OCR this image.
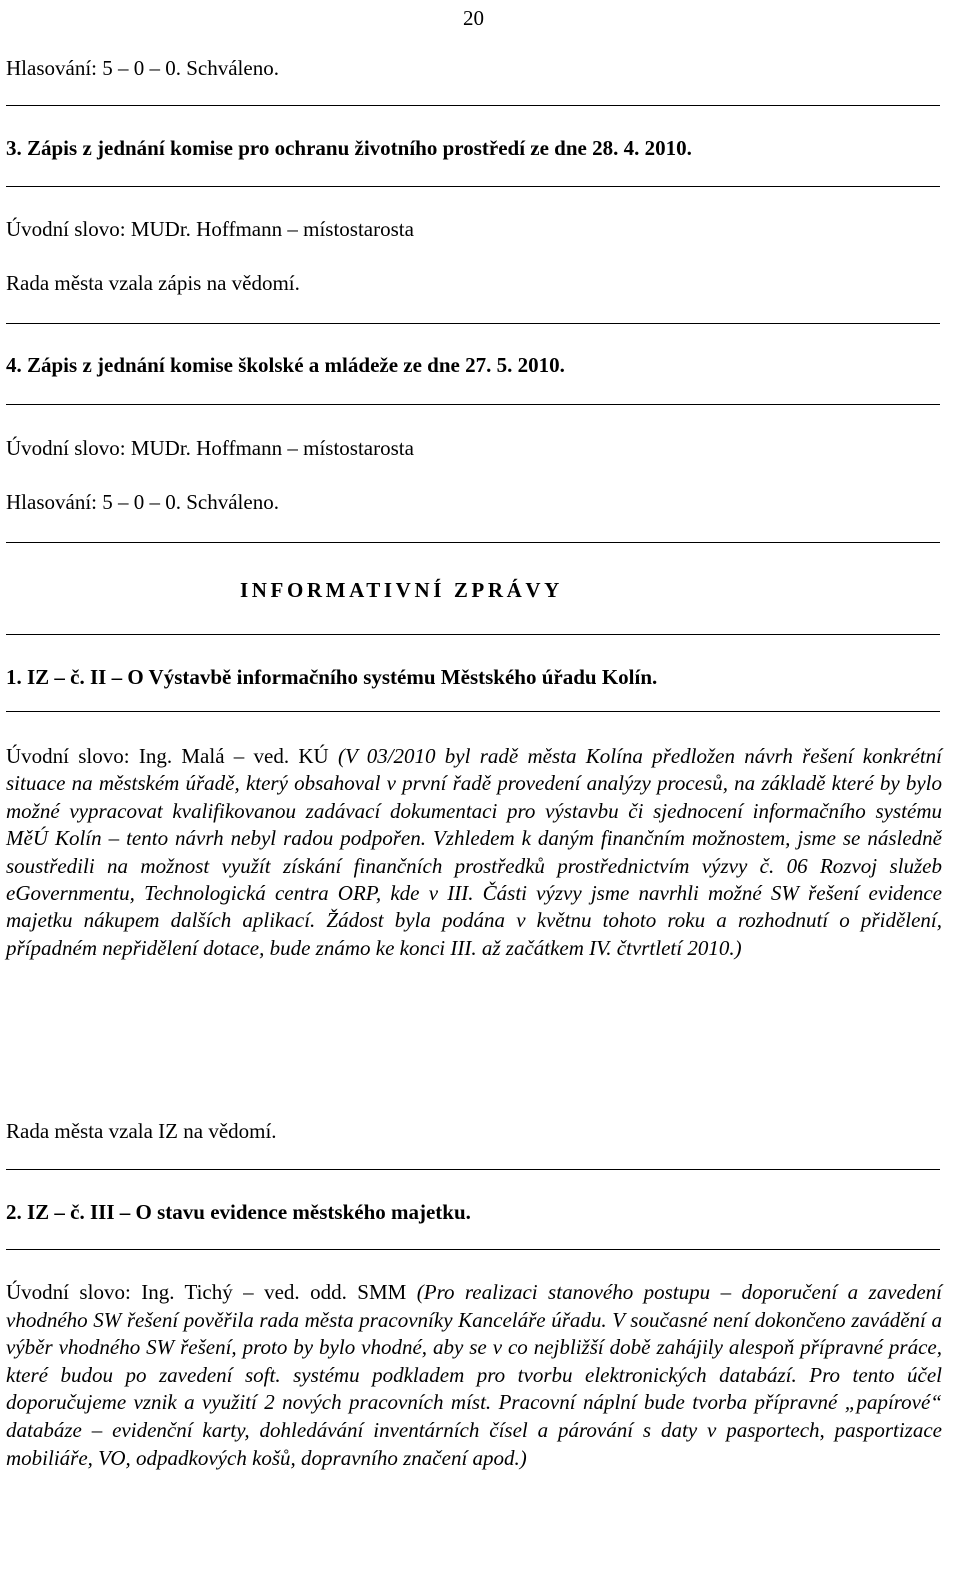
20
Hlasování: 5 – 0 – 0. Schváleno.
3. Zápis z jednání komise pro ochranu životního prostředí ze dne 28. 4. 2010.
Úvodní slovo: MUDr. Hoffmann – místostarosta
Rada města vzala zápis na vědomí.
4. Zápis z jednání komise školské a mládeže ze dne 27. 5. 2010.
Úvodní slovo: MUDr. Hoffmann – místostarosta
Hlasování: 5 – 0 – 0. Schváleno.
INFORMATIVNÍ ZPRÁVY
1. IZ – č. II – O Výstavbě informačního systému Městského úřadu Kolín.
Úvodní slovo: Ing. Malá – ved. KÚ (V 03/2010 byl radě města Kolína předložen návrh řešení konkrétní situace na městském úřadě, který obsahoval v první řadě provedení analýzy procesů, na základě které by bylo možné vypracovat kvalifikovanou zadávací dokumentaci pro výstavbu či sjednocení informačního systému MěÚ Kolín – tento návrh nebyl radou podpořen. Vzhledem k daným finančním možnostem, jsme se následně soustředili na možnost využít získání finančních prostředků prostřednictvím výzvy č. 06 Rozvoj služeb eGovernmentu, Technologická centra ORP, kde v III. Části výzvy jsme navrhli možné SW řešení evidence majetku nákupem dalších aplikací. Žádost byla podána v květnu tohoto roku a rozhodnutí o přidělení, případném nepřidělení dotace, bude známo ke konci III. až začátkem IV. čtvrtletí 2010.)
Rada města vzala IZ na vědomí.
2. IZ – č. III – O stavu evidence městského majetku.
Úvodní slovo: Ing. Tichý – ved. odd. SMM (Pro realizaci stanového postupu – doporučení a zavedení vhodného SW řešení pověřila rada města pracovníky Kanceláře úřadu. V současné není dokončeno zavádění a výběr vhodného SW řešení, proto by bylo vhodné, aby se v co nejbližší době zahájily alespoň přípravné práce, které budou po zavedení soft. systému podkladem pro tvorbu elektronických databází. Pro tento účel doporučujeme vznik a využití 2 nových pracovních míst. Pracovní náplní bude tvorba přípravné „papírové“ databáze – evidenční karty, dohledávání inventárních čísel a párování s daty v pasportech, pasportizace mobiliáře, VO, odpadkových košů, dopravního značení apod.)
